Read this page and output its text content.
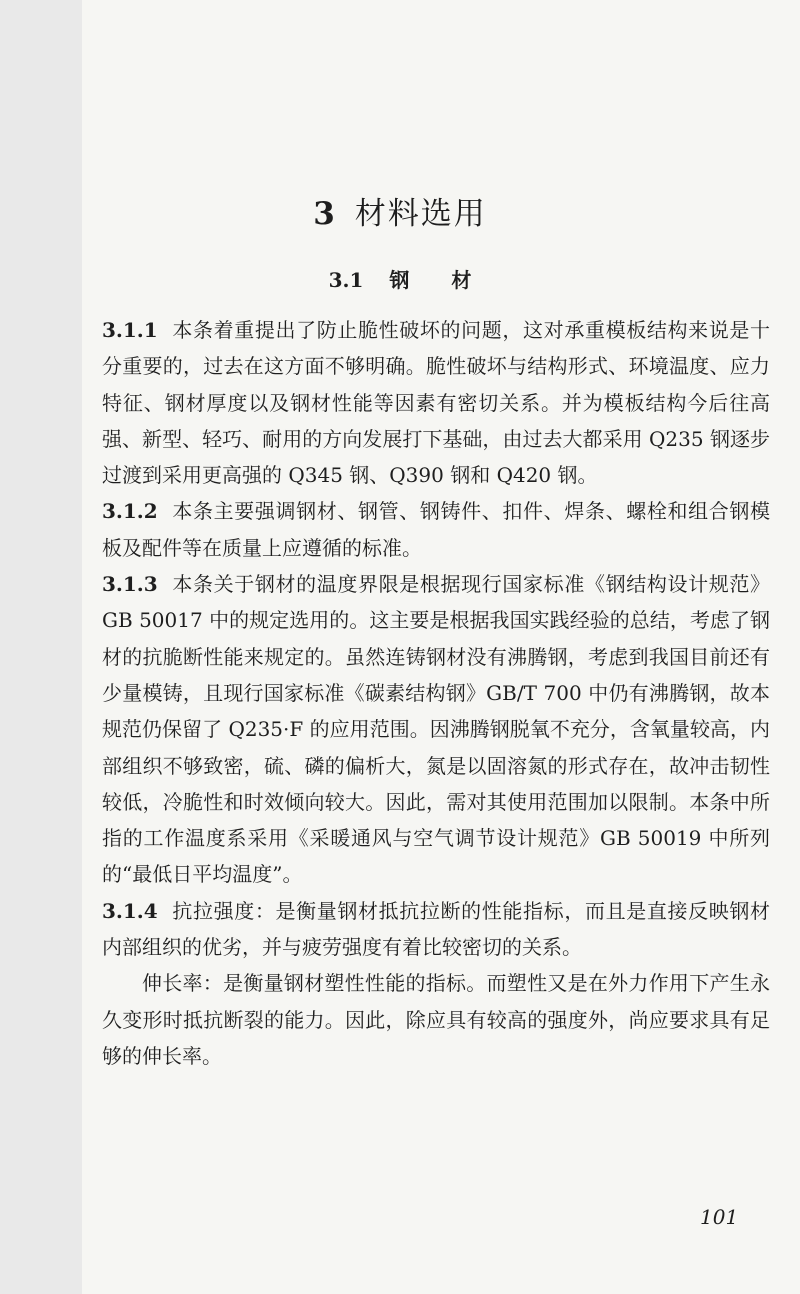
3 材料选用
3.1 钢 材

3.1.1 本条着重提出了防止脆性破坏的问题，这对承重模板结构来说是十分重要的，过去在这方面不够明确。脆性破坏与结构形式、环境温度、应力特征、钢材厚度以及钢材性能等因素有密切关系。并为模板结构今后往高强、新型、轻巧、耐用的方向发展打下基础，由过去大都采用 Q235 钢逐步过渡到采用更高强的 Q345 钢、Q390 钢和 Q420 钢。

3.1.2 本条主要强调钢材、钢管、钢铸件、扣件、焊条、螺栓和组合钢模板及配件等在质量上应遵循的标准。

3.1.3 本条关于钢材的温度界限是根据现行国家标准《钢结构设计规范》GB 50017 中的规定选用的。这主要是根据我国实践经验的总结，考虑了钢材的抗脆断性能来规定的。虽然连铸钢材没有沸腾钢，考虑到我国目前还有少量模铸，且现行国家标准《碳素结构钢》GB/T 700 中仍有沸腾钢，故本规范仍保留了 Q235·F 的应用范围。因沸腾钢脱氧不充分，含氧量较高，内部组织不够致密，硫、磷的偏析大，氮是以固溶氮的形式存在，故冲击韧性较低，冷脆性和时效倾向较大。因此，需对其使用范围加以限制。本条中所指的工作温度系采用《采暖通风与空气调节设计规范》GB 50019 中所列的“最低日平均温度”。

3.1.4 抗拉强度：是衡量钢材抵抗拉断的性能指标，而且是直接反映钢材内部组织的优劣，并与疲劳强度有着比较密切的关系。

伸长率：是衡量钢材塑性性能的指标。而塑性又是在外力作用下产生永久变形时抵抗断裂的能力。因此，除应具有较高的强度外，尚应要求具有足够的伸长率。

101
